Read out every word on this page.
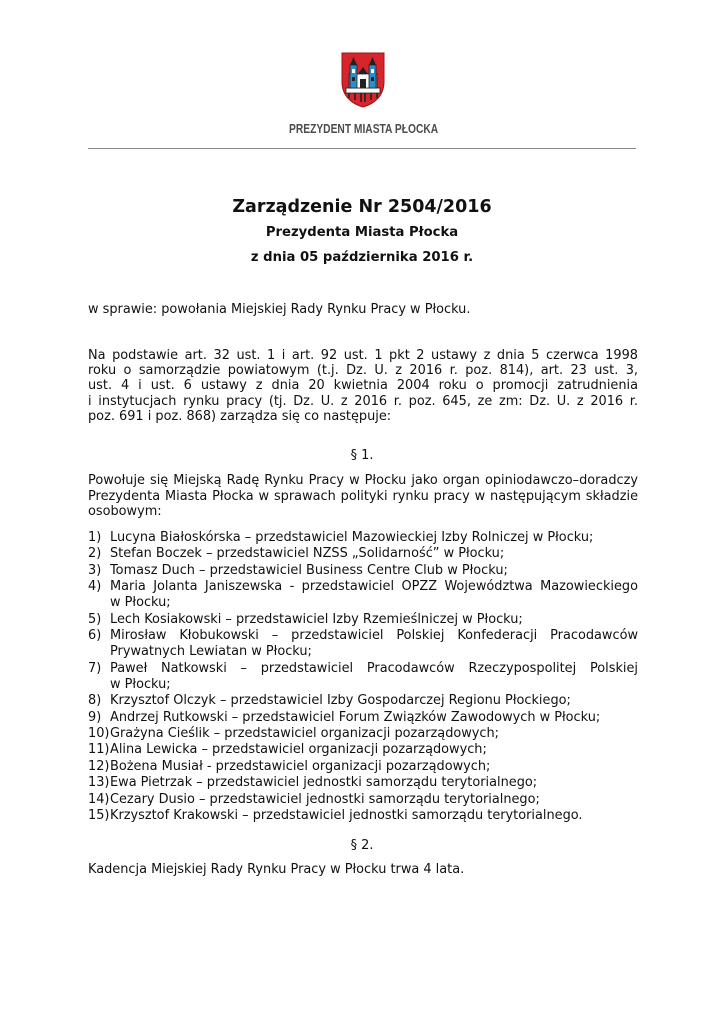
PREZYDENT MIASTA PŁOCKA
Zarządzenie Nr 2504/2016
Prezydenta Miasta Płocka
z dnia 05 października 2016 r.
w sprawie: powołania Miejskiej Rady Rynku Pracy w Płocku.
Na podstawie art. 32 ust. 1 i art. 92 ust. 1 pkt 2 ustawy z dnia 5 czerwca 1998
roku o samorządzie powiatowym (t.j. Dz. U. z 2016 r. poz. 814), art. 23 ust. 3,
ust. 4 i ust. 6 ustawy z dnia 20 kwietnia 2004 roku o promocji zatrudnienia
i instytucjach rynku pracy (tj. Dz. U. z 2016 r. poz. 645, ze zm: Dz. U. z 2016 r.
poz. 691 i poz. 868) zarządza się co następuje:
§ 1.
Powołuje się Miejską Radę Rynku Pracy w Płocku jako organ opiniodawczo–doradczy
Prezydenta Miasta Płocka w sprawach polityki rynku pracy w następującym składzie
osobowym:
1) Lucyna Białoskórska – przedstawiciel Mazowieckiej Izby Rolniczej w Płocku;
2) Stefan Boczek – przedstawiciel NZSS „Solidarność” w Płocku;
3) Tomasz Duch – przedstawiciel Business Centre Club w Płocku;
4) Maria Jolanta Janiszewska - przedstawiciel OPZZ Województwa Mazowieckiego
w Płocku;
5) Lech Kosiakowski – przedstawiciel Izby Rzemieślniczej w Płocku;
6) Mirosław Kłobukowski – przedstawiciel Polskiej Konfederacji Pracodawców
Prywatnych Lewiatan w Płocku;
7) Paweł Natkowski – przedstawiciel Pracodawców Rzeczypospolitej Polskiej
w Płocku;
8) Krzysztof Olczyk – przedstawiciel Izby Gospodarczej Regionu Płockiego;
9) Andrzej Rutkowski – przedstawiciel Forum Związków Zawodowych w Płocku;
10) Grażyna Cieślik – przedstawiciel organizacji pozarządowych;
11) Alina Lewicka – przedstawiciel organizacji pozarządowych;
12) Bożena Musiał - przedstawiciel organizacji pozarządowych;
13) Ewa Pietrzak – przedstawiciel jednostki samorządu terytorialnego;
14) Cezary Dusio – przedstawiciel jednostki samorządu terytorialnego;
15) Krzysztof Krakowski – przedstawiciel jednostki samorządu terytorialnego.
§ 2.
Kadencja Miejskiej Rady Rynku Pracy w Płocku trwa 4 lata.
